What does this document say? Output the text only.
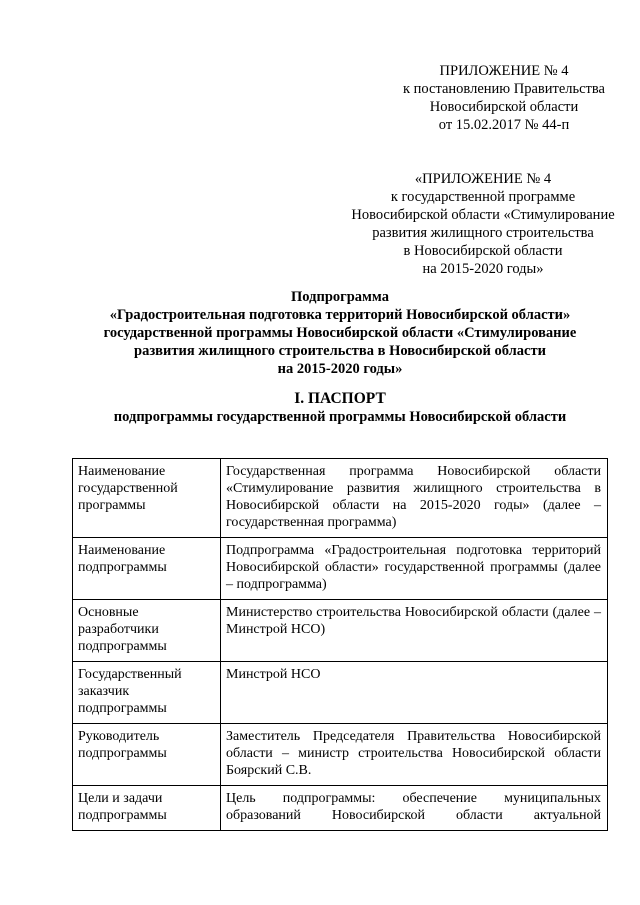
ПРИЛОЖЕНИЕ № 4
к постановлению Правительства
Новосибирской области
от 15.02.2017 № 44-п
«ПРИЛОЖЕНИЕ № 4
к государственной программе
Новосибирской области «Стимулирование
развития жилищного строительства
в Новосибирской области
на 2015-2020 годы»
Подпрограмма
«Градостроительная подготовка территорий Новосибирской области»
государственной программы Новосибирской области «Стимулирование
развития жилищного строительства в Новосибирской области
на 2015-2020 годы»
I. ПАСПОРТ
подпрограммы государственной программы Новосибирской области
Наименование государственной программы	Государственная программа Новосибирской области «Стимулирование развития жилищного строительства в Новосибирской области на 2015-2020 годы» (далее – государственная программа)
Наименование подпрограммы	Подпрограмма «Градостроительная подготовка территорий Новосибирской области» государственной программы (далее – подпрограмма)
Основные разработчики подпрограммы	Министерство строительства Новосибирской области (далее – Минстрой НСО)
Государственный заказчик подпрограммы	Минстрой НСО
Руководитель подпрограммы	Заместитель Председателя Правительства Новосибирской области – министр строительства Новосибирской области Боярский С.В.
Цели и задачи подпрограммы	Цель подпрограммы: обеспечение муниципальных образований Новосибирской области актуальной
